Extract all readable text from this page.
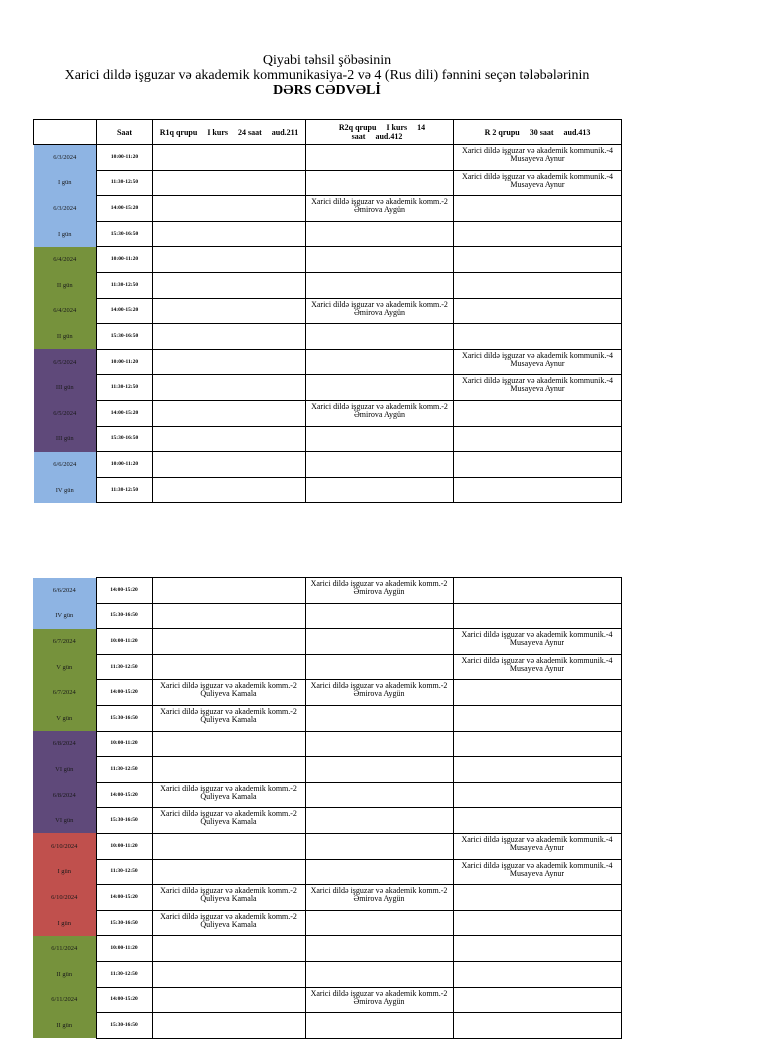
Qiyabi təhsil şöbəsinin
Xarici dildə işguzar və akademik kommunikasiya-2 və 4 (Rus dili) fənnini seçən tələbələrinin
DƏRS CƏDVƏLİ
	Saat	R1q qrupu I kurs 24 saat aud.211	R2q qrupu I kurs 14 saat aud.412	R 2 qrupu 30 saat aud.413
6/3/2024	10:00-11:20			Xarici dildə işguzar və akademik kommunik.-4
Musayeva Aynur
I gün	11:30-12:50			Xarici dildə işguzar və akademik kommunik.-4
Musayeva Aynur
6/3/2024	14:00-15:20		Xarici dildə işguzar və akademik komm.-2
Əmirova Aygün	
I gün	15:30-16:50			
6/4/2024	10:00-11:20			
II gün	11:30-12:50			
6/4/2024	14:00-15:20		Xarici dildə işguzar və akademik komm.-2
Əmirova Aygün	
II gün	15:30-16:50			
6/5/2024	10:00-11:20			Xarici dildə işguzar və akademik kommunik.-4
Musayeva Aynur
III gün	11:30-12:50			Xarici dildə işguzar və akademik kommunik.-4
Musayeva Aynur
6/5/2024	14:00-15:20		Xarici dildə işguzar və akademik komm.-2
Əmirova Aygün	
III gün	15:30-16:50			
6/6/2024	10:00-11:20			
IV gün	11:30-12:50			
6/6/2024	14:00-15:20		Xarici dildə işguzar və akademik komm.-2
Əmirova Aygün	
IV gün	15:30-16:50			
6/7/2024	10:00-11:20			Xarici dildə işguzar və akademik kommunik.-4
Musayeva Aynur
V gün	11:30-12:50			Xarici dildə işguzar və akademik kommunik.-4
Musayeva Aynur
6/7/2024	14:00-15:20	Xarici dildə işguzar və akademik komm.-2
Quliyeva Kamala	Xarici dildə işguzar və akademik komm.-2
Əmirova Aygün	
V gün	15:30-16:50	Xarici dildə işguzar və akademik komm.-2
Quliyeva Kamala		
6/8/2024	10:00-11:20			
VI gün	11:30-12:50			
6/8/2024	14:00-15:20	Xarici dildə işguzar və akademik komm.-2
Quliyeva Kamala		
VI gün	15:30-16:50	Xarici dildə işguzar və akademik komm.-2
Quliyeva Kamala		
6/10/2024	10:00-11:20			Xarici dildə işguzar və akademik kommunik.-4
Musayeva Aynur
I gün	11:30-12:50			Xarici dildə işguzar və akademik kommunik.-4
Musayeva Aynur
6/10/2024	14:00-15:20	Xarici dildə işguzar və akademik komm.-2
Quliyeva Kamala	Xarici dildə işguzar və akademik komm.-2
Əmirova Aygün	
I gün	15:30-16:50	Xarici dildə işguzar və akademik komm.-2
Quliyeva Kamala		
6/11/2024	10:00-11:20			
II gün	11:30-12:50			
6/11/2024	14:00-15:20		Xarici dildə işguzar və akademik komm.-2
Əmirova Aygün	
II gün	15:30-16:50			
